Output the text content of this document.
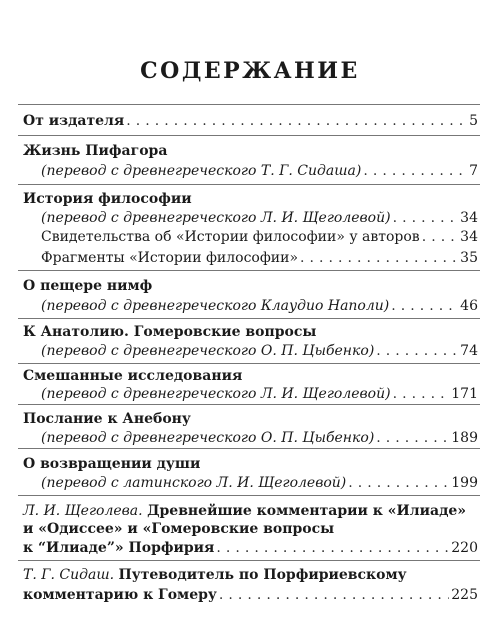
СОДЕРЖАНИЕ
От издателя . . .	5
Жизнь Пифагора
(перевод с древнегреческого Т. Г. Сидаша) . . .	7
История философии
(перевод с древнегреческого Л. И. Щеголевой) . . .	34
Свидетельства об «Истории философии» у авторов . . .	34
Фрагменты «Истории философии» . . .	35
О пещере нимф
(перевод с древнегреческого Клаудио Наполи) . . .	46
К Анатолию. Гомеровские вопросы
(перевод с древнегреческого О. П. Цыбенко) . . .	74
Смешанные исследования
(перевод с древнегреческого Л. И. Щеголевой) . . .	171
Послание к Анебону
(перевод с древнегреческого О. П. Цыбенко) . . .	189
О возвращении души
(перевод с латинского Л. И. Щеголевой) . . .	199
Л. И. Щеголева . Древнейшие комментарии к «Илиаде»
и «Одиссее» и «Гомеровские вопросы
к “Илиаде”» Порфирия . . .	220
Т. Г. Сидаш . Путеводитель по Порфириевскому
комментарию к Гомеру . . .	225
